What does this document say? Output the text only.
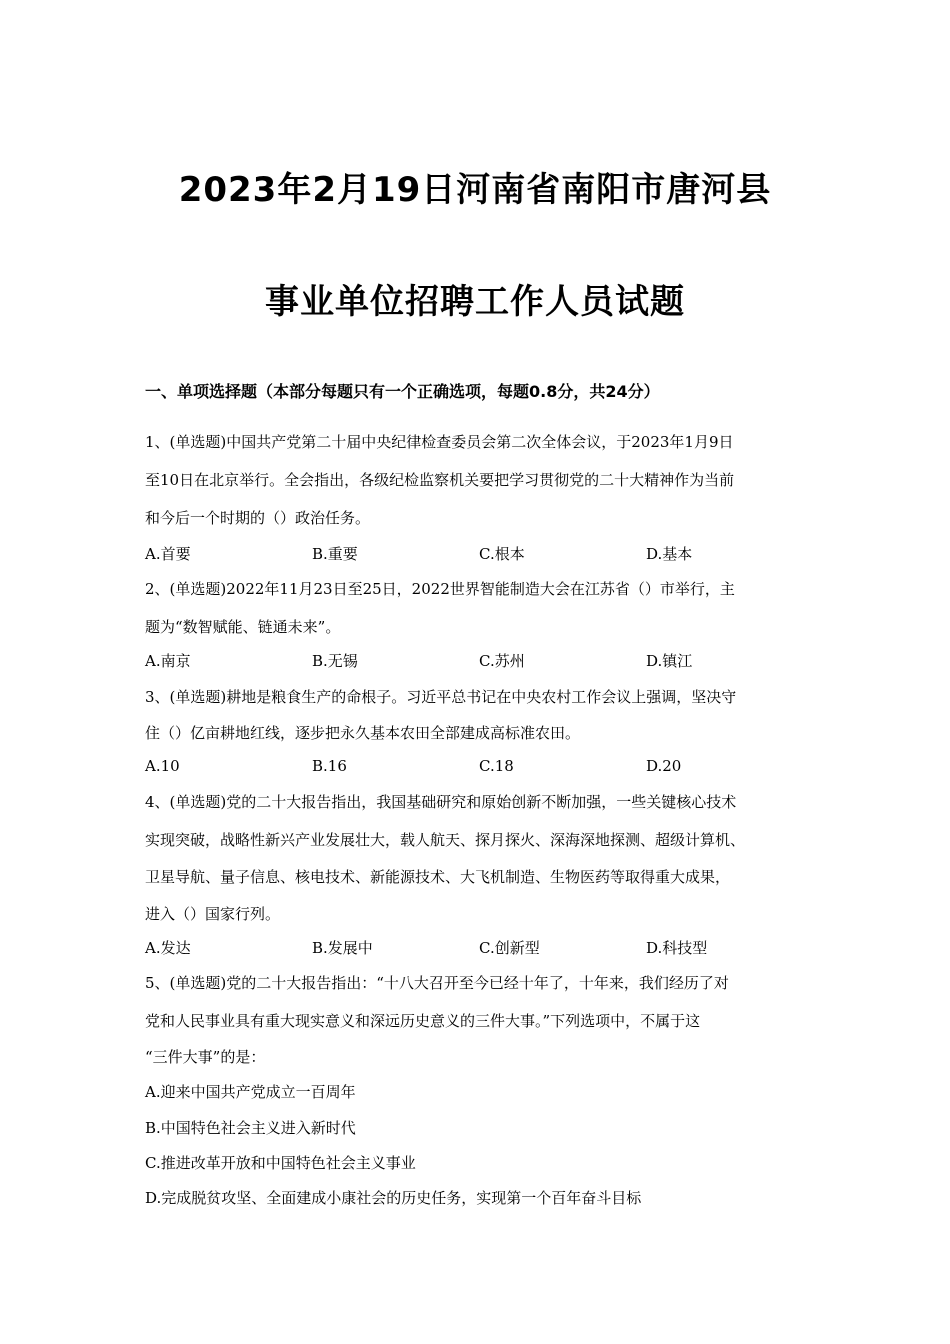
2023年2月19日河南省南阳市唐河县
事业单位招聘工作人员试题
一、单项选择题（本部分每题只有一个正确选项，每题0.8分，共24分）
1、(单选题)中国共产党第二十届中央纪律检查委员会第二次全体会议，于2023年1月9日
至10日在北京举行。全会指出，各级纪检监察机关要把学习贯彻党的二十大精神作为当前
和今后一个时期的（）政治任务。
A.首要	B.重要	C.根本	D.基本
2、(单选题)2022年11月23日至25日，2022世界智能制造大会在江苏省（）市举行，主
题为“数智赋能、链通未来”。
A.南京	B.无锡	C.苏州	D.镇江
3、(单选题)耕地是粮食生产的命根子。习近平总书记在中央农村工作会议上强调，坚决守
住（）亿亩耕地红线，逐步把永久基本农田全部建成高标准农田。
A.10	B.16	C.18	D.20
4、(单选题)党的二十大报告指出，我国基础研究和原始创新不断加强，一些关键核心技术
实现突破，战略性新兴产业发展壮大，载人航天、探月探火、深海深地探测、超级计算机、
卫星导航、量子信息、核电技术、新能源技术、大飞机制造、生物医药等取得重大成果，
进入（）国家行列。
A.发达	B.发展中	C.创新型	D.科技型
5、(单选题)党的二十大报告指出：“十八大召开至今已经十年了，十年来，我们经历了对
党和人民事业具有重大现实意义和深远历史意义的三件大事。”下列选项中，不属于这
“三件大事”的是：
A.迎来中国共产党成立一百周年
B.中国特色社会主义进入新时代
C.推进改革开放和中国特色社会主义事业
D.完成脱贫攻坚、全面建成小康社会的历史任务，实现第一个百年奋斗目标
